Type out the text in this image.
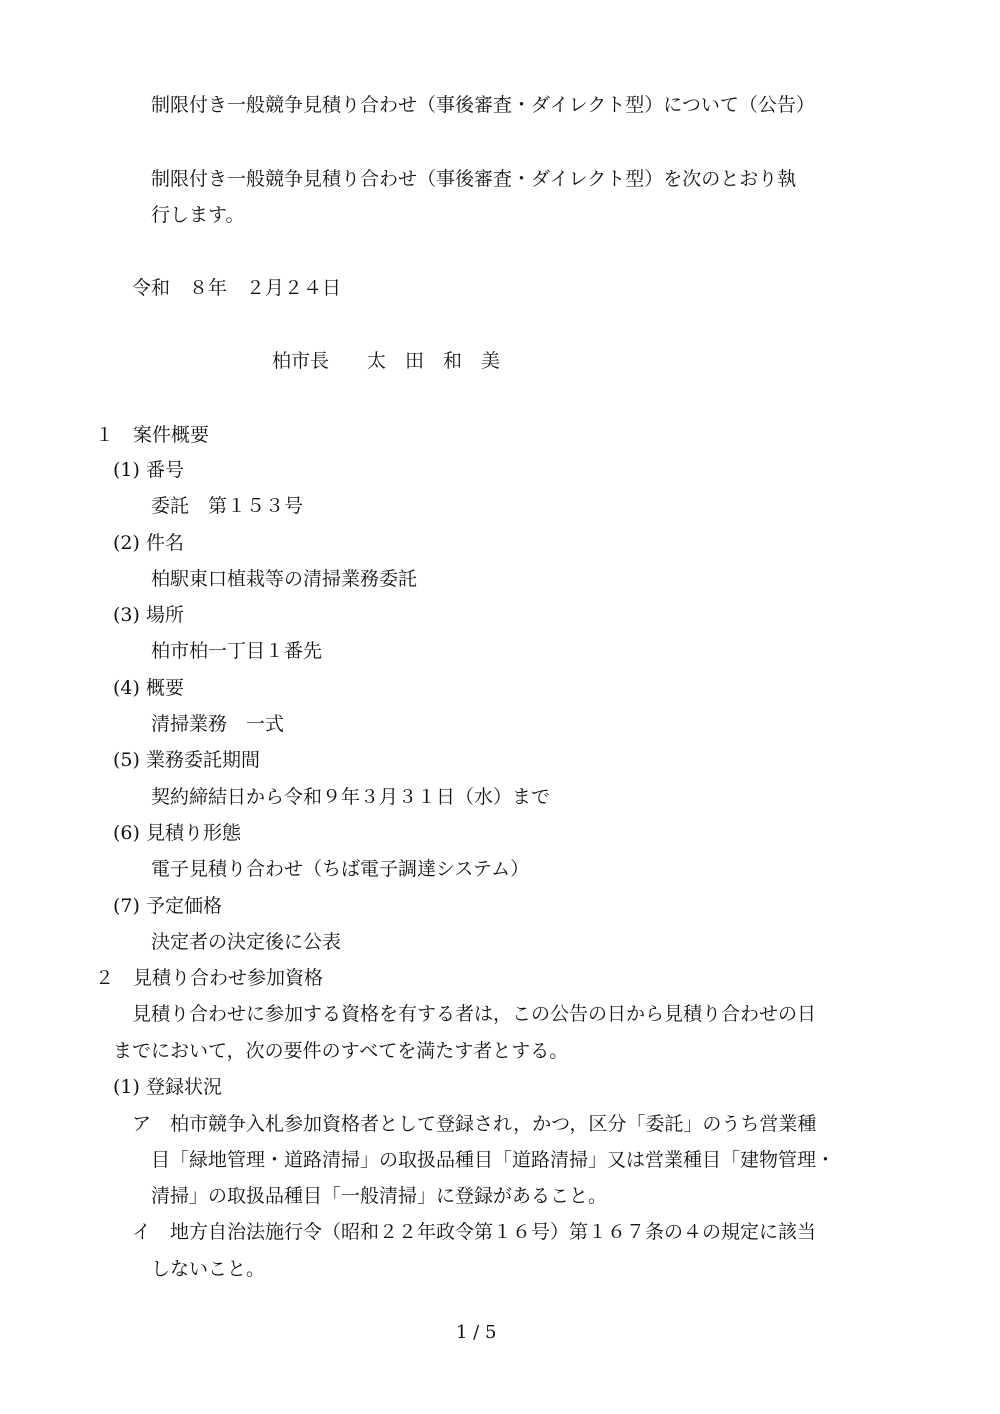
制限付き一般競争見積り合わせ（事後審査・ダイレクト型）について（公告）
制限付き一般競争見積り合わせ（事後審査・ダイレクト型）を次のとおり執
行します。
令和　８年　２月２４日
柏市長　　太　田　和　美
１　案件概要
(1) 番号
委託　第１５３号
(2) 件名
柏駅東口植栽等の清掃業務委託
(3) 場所
柏市柏一丁目１番先
(4) 概要
清掃業務　一式
(5) 業務委託期間
契約締結日から令和９年３月３１日（水）まで
(6) 見積り形態
電子見積り合わせ（ちば電子調達システム）
(7) 予定価格
決定者の決定後に公表
２　見積り合わせ参加資格
見積り合わせに参加する資格を有する者は，この公告の日から見積り合わせの日
までにおいて，次の要件のすべてを満たす者とする。
(1) 登録状況
ア　柏市競争入札参加資格者として登録され，かつ，区分「委託」のうち営業種
目「緑地管理・道路清掃」の取扱品種目「道路清掃」又は営業種目「建物管理・
清掃」の取扱品種目「一般清掃」に登録があること。
イ　地方自治法施行令（昭和２２年政令第１６号）第１６７条の４の規定に該当
しないこと。
1 / 5
